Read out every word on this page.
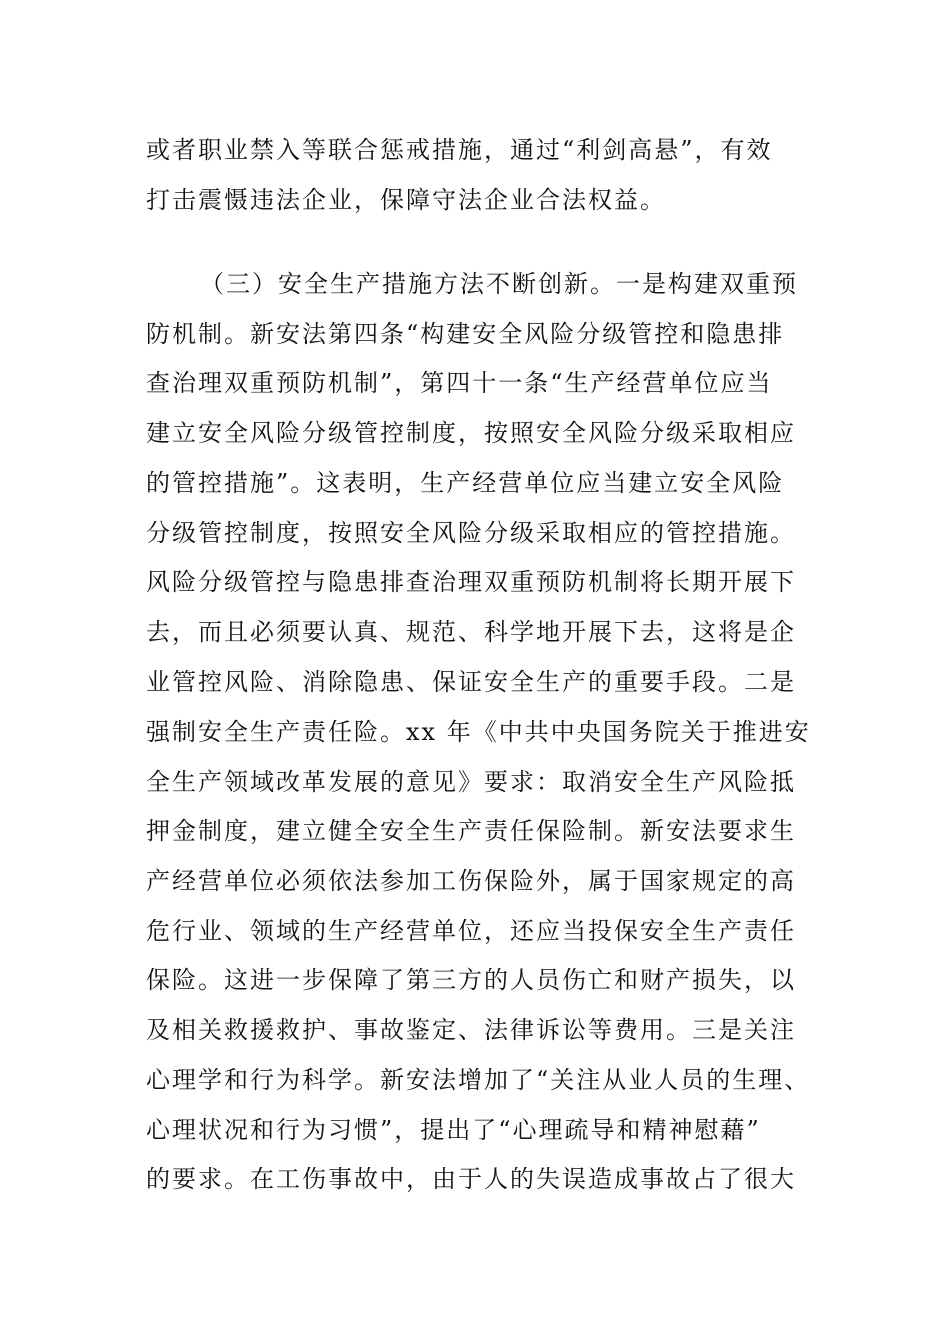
或者职业禁入等联合惩戒措施，通过“利剑高悬”，有效
打击震慑违法企业，保障守法企业合法权益。
（三）安全生产措施方法不断创新。一是构建双重预
防机制。新安法第四条“构建安全风险分级管控和隐患排
查治理双重预防机制”，第四十一条“生产经营单位应当
建立安全风险分级管控制度，按照安全风险分级采取相应
的管控措施”。这表明，生产经营单位应当建立安全风险
分级管控制度，按照安全风险分级采取相应的管控措施。
风险分级管控与隐患排查治理双重预防机制将长期开展下
去，而且必须要认真、规范、科学地开展下去，这将是企
业管控风险、消除隐患、保证安全生产的重要手段。二是
强制安全生产责任险。xx 年《中共中央国务院关于推进安
全生产领域改革发展的意见》要求：取消安全生产风险抵
押金制度，建立健全安全生产责任保险制。新安法要求生
产经营单位必须依法参加工伤保险外，属于国家规定的高
危行业、领域的生产经营单位，还应当投保安全生产责任
保险。这进一步保障了第三方的人员伤亡和财产损失，以
及相关救援救护、事故鉴定、法律诉讼等费用。三是关注
心理学和行为科学。新安法增加了“关注从业人员的生理、
心理状况和行为习惯”，提出了“心理疏导和精神慰藉”
的要求。在工伤事故中，由于人的失误造成事故占了很大
